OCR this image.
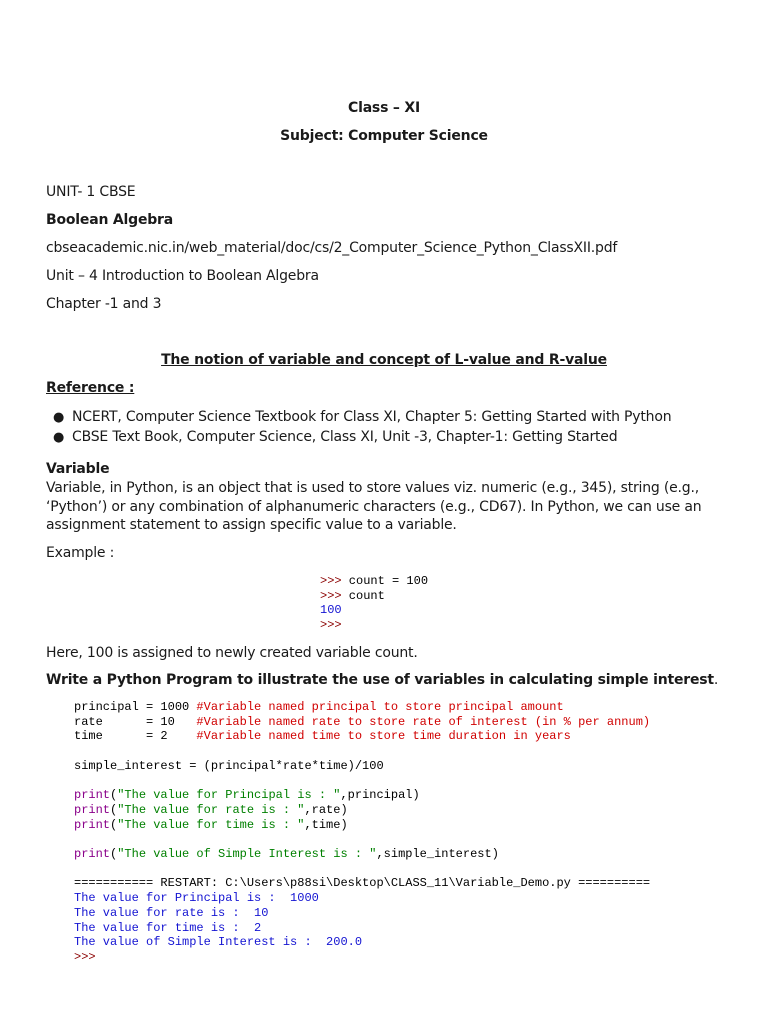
Class – XI
Subject: Computer Science
UNIT- 1 CBSE
Boolean Algebra
cbseacademic.nic.in/web_material/doc/cs/2_Computer_Science_Python_ClassXII.pdf
Unit – 4 Introduction to Boolean Algebra
Chapter -1 and 3
The notion of variable and concept of L-value and R-value
Reference :
● NCERT, Computer Science Textbook for Class XI, Chapter 5: Getting Started with Python
● CBSE Text Book, Computer Science, Class XI, Unit -3, Chapter-1: Getting Started
Variable
Variable, in Python, is an object that is used to store values viz. numeric (e.g., 345), string (e.g.,
‘Python’) or any combination of alphanumeric characters (e.g., CD67). In Python, we can use an
assignment statement to assign specific value to a variable.
Example :
>>> count = 100
>>> count
100
>>>
Here, 100 is assigned to newly created variable count.
Write a Python Program to illustrate the use of variables in calculating simple interest.
principal = 1000 #Variable named principal to store principal amount
rate      = 10   #Variable named rate to store rate of interest (in % per annum)
time      = 2    #Variable named time to store time duration in years

simple_interest = (principal*rate*time)/100

print("The value for Principal is : ",principal)
print("The value for rate is : ",rate)
print("The value for time is : ",time)

print("The value of Simple Interest is : ",simple_interest)

=========== RESTART: C:\Users\p88si\Desktop\CLASS_11\Variable_Demo.py ==========
The value for Principal is :  1000
The value for rate is :  10
The value for time is :  2
The value of Simple Interest is :  200.0
>>>
